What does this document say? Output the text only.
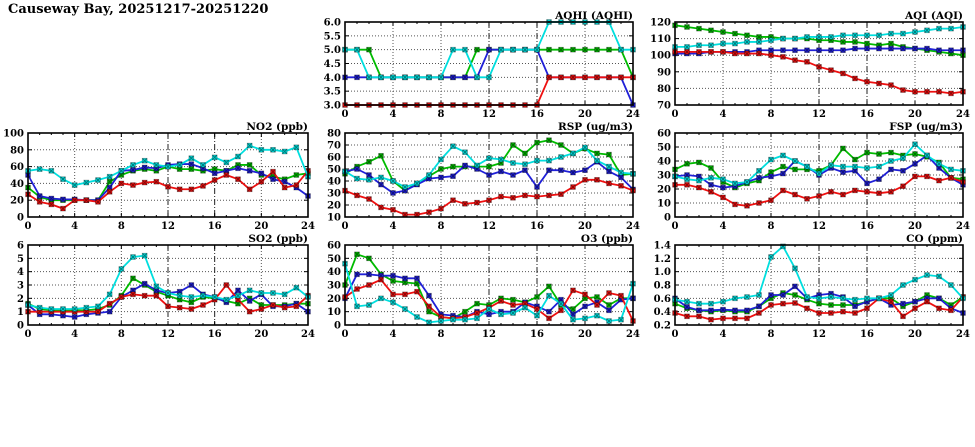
Causeway Bay, 20251217-20251220
3.0
3.5
4.0
4.5
5.0
5.5
6.0
0	4	8	12	16	20	24
AQHI (AQHI)
70
80
90
100
110
120
0	4	8	12	16	20	24
AQI (AQI)
0
20
40
60
80
100
0	4	8	12	16	20	24
NO2 (ppb)
10
20
30
40
50
60
70
80
0	4	8	12	16	20	24
RSP (ug/m3)
0
10
20
30
40
50
60
0	4	8	12	16	20	24
FSP (ug/m3)
0
1
2
3
4
5
6
0	4	8	12	16	20	24
SO2 (ppb)
0
10
20
30
40
50
60
0	4	8	12	16	20	24
O3 (ppb)
0.2
0.4
0.6
0.8
1.0
1.2
1.4
0	4	8	12	16	20	24
CO (ppm)
